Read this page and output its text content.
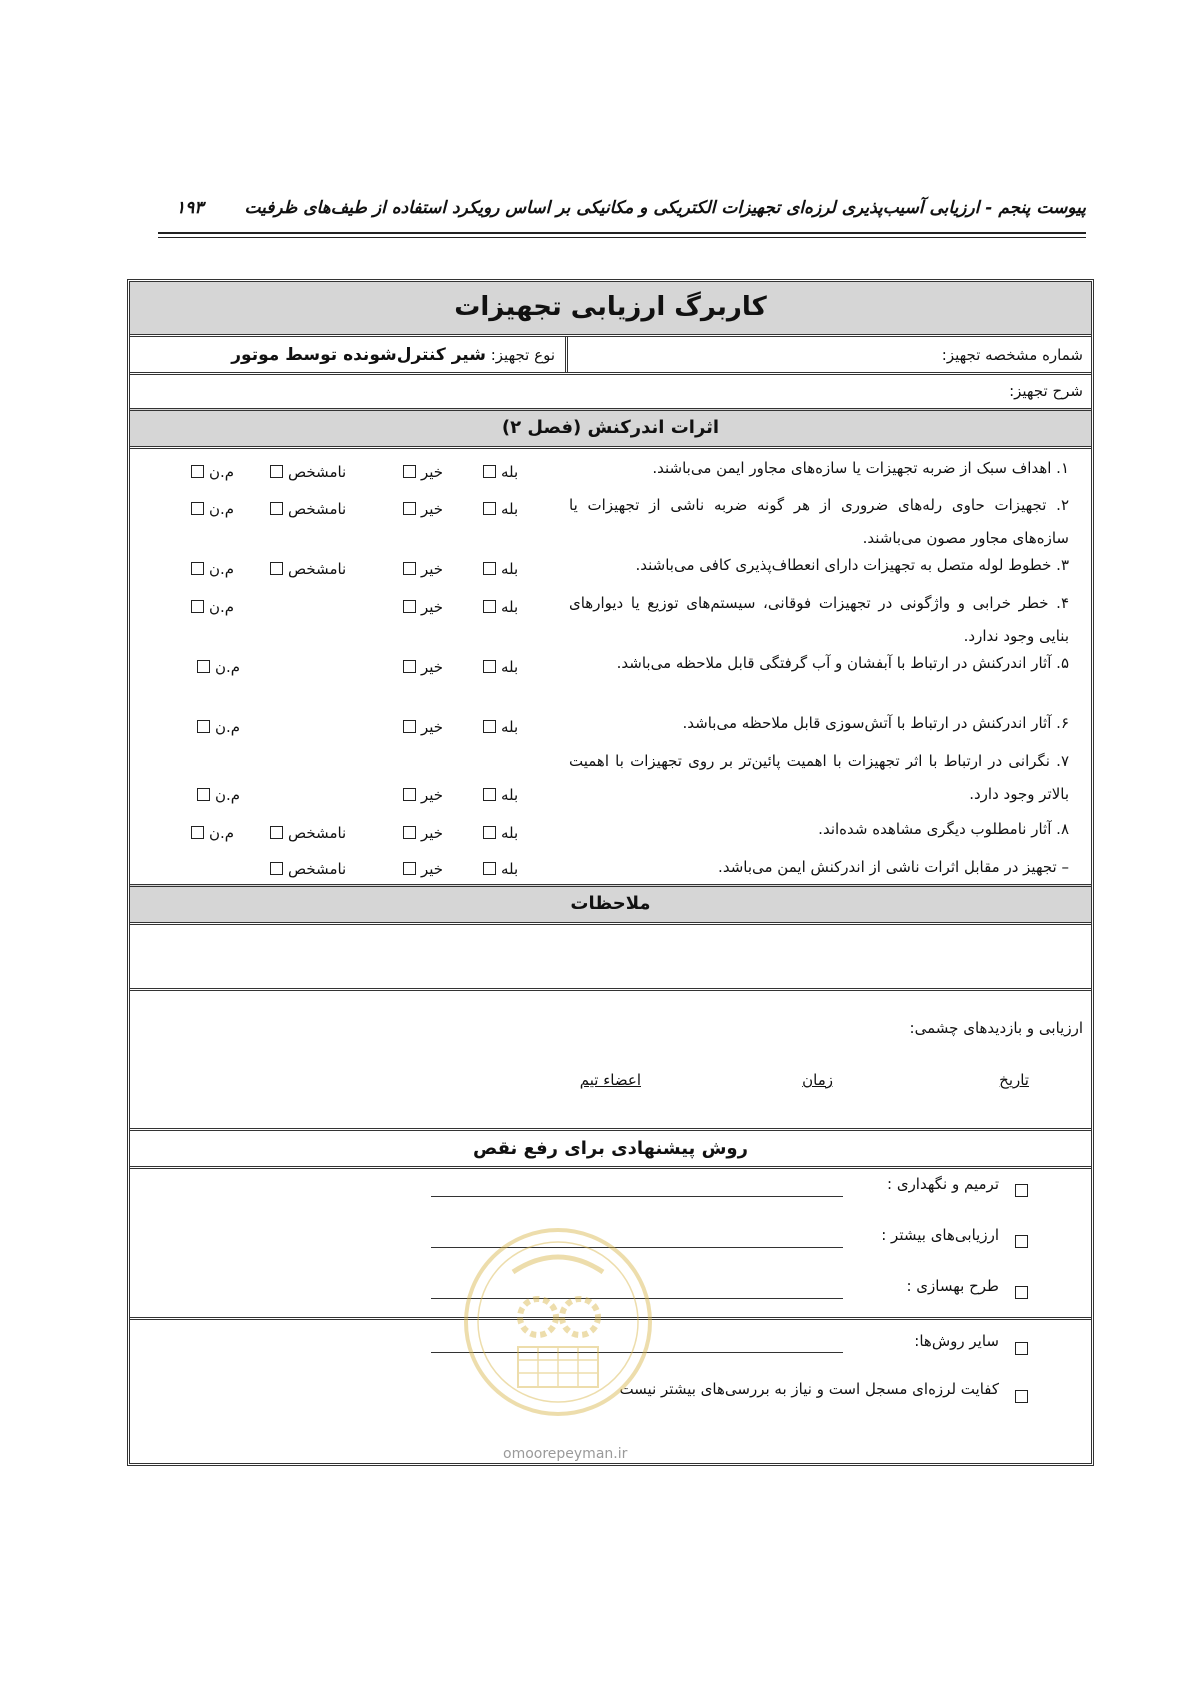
پیوست پنجم - ارزیابی آسیب‌پذیری لرزه‌ای تجهیزات الکتریکی و مکانیکی بر اساس رویکرد استفاده از طیف‌های ظرفیت
۱۹۳
کاربرگ ارزیابی تجهیزات
شماره مشخصه تجهیز:
نوع تجهیز: شیر کنترل‌شونده توسط موتور
شرح تجهیز:
اثرات اندرکنش (فصل ۲)
۱. اهداف سبک از ضربه تجهیزات یا سازه‌های مجاور ایمن می‌باشند.
۲. تجهیزات حاوی رله‌های ضروری از هر گونه ضربه ناشی از تجهیزات یا سازه‌های مجاور مصون می‌باشند.
۳. خطوط لوله متصل به تجهیزات دارای انعطاف‌پذیری کافی می‌باشند.
۴. خطر خرابی و واژگونی در تجهیزات فوقانی، سیستم‌های توزیع یا دیوارهای بنایی وجود ندارد.
۵. آثار اندرکنش در ارتباط با آبفشان و آب گرفتگی قابل ملاحظه می‌باشد.
۶. آثار اندرکنش در ارتباط با آتش‌سوزی قابل ملاحظه می‌باشد.
۷. نگرانی در ارتباط با اثر تجهیزات با اهمیت پائین‌تر بر روی تجهیزات با اهمیت بالاتر وجود دارد.
۸. آثار نامطلوب دیگری مشاهده شده‌اند.
– تجهیز در مقابل اثرات ناشی از اندرکنش ایمن می‌باشد.
بله
خیر
نامشخص
م.ن
بله
خیر
نامشخص
م.ن
بله
خیر
نامشخص
م.ن
بله
خیر
م.ن
بله
خیر
م.ن
بله
خیر
م.ن
بله
خیر
م.ن
بله
خیر
نامشخص
م.ن
بله
خیر
نامشخص
ملاحظات
ارزیابی و بازدیدهای چشمی:
تاریخ
زمان
اعضاء تیم
روش پیشنهادی برای رفع نقص
ترمیم و نگهداری :
ارزیابی‌های بیشتر :
طرح بهسازی :
سایر روش‌ها:
کفایت لرزه‌ای مسجل است و نیاز به بررسی‌های بیشتر نیست
omoorepeyman.ir
